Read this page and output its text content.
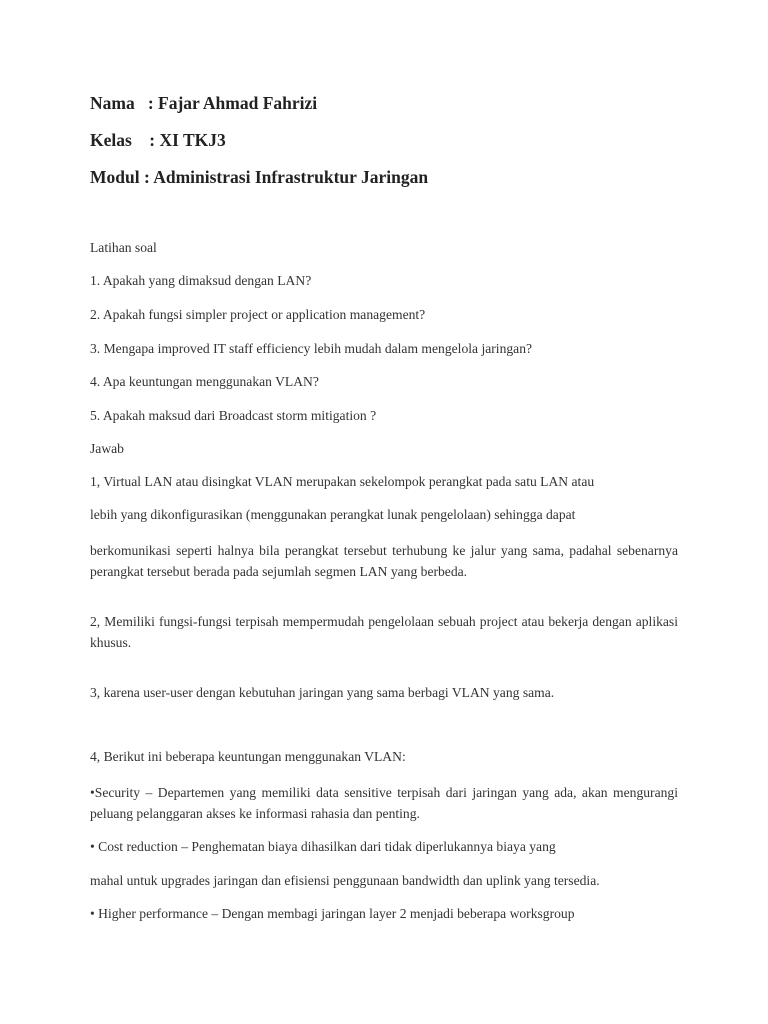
Nama   : Fajar Ahmad Fahrizi
Kelas    : XI TKJ3
Modul : Administrasi Infrastruktur Jaringan
Latihan soal
1. Apakah yang dimaksud dengan LAN?
2. Apakah fungsi simpler project or application management?
3. Mengapa improved IT staff efficiency lebih mudah dalam mengelola jaringan?
4. Apa keuntungan menggunakan VLAN?
5. Apakah maksud dari Broadcast storm mitigation ?
Jawab
1, Virtual LAN atau disingkat VLAN merupakan sekelompok perangkat pada satu LAN atau
lebih yang dikonfigurasikan (menggunakan perangkat lunak pengelolaan) sehingga dapat
berkomunikasi seperti halnya bila perangkat tersebut terhubung ke jalur yang sama, padahal sebenarnya perangkat tersebut berada pada sejumlah segmen LAN yang berbeda.
2, Memiliki fungsi-fungsi terpisah mempermudah pengelolaan sebuah project atau bekerja dengan aplikasi khusus.
3, karena user-user dengan kebutuhan jaringan yang sama berbagi VLAN yang sama.
4, Berikut ini beberapa keuntungan menggunakan VLAN:
•Security – Departemen yang memiliki data sensitive terpisah dari jaringan yang ada, akan mengurangi peluang pelanggaran akses ke informasi rahasia dan penting.
• Cost reduction – Penghematan biaya dihasilkan dari tidak diperlukannya biaya yang
mahal untuk upgrades jaringan dan efisiensi penggunaan bandwidth dan uplink yang tersedia.
• Higher performance – Dengan membagi jaringan layer 2 menjadi beberapa worksgroup
